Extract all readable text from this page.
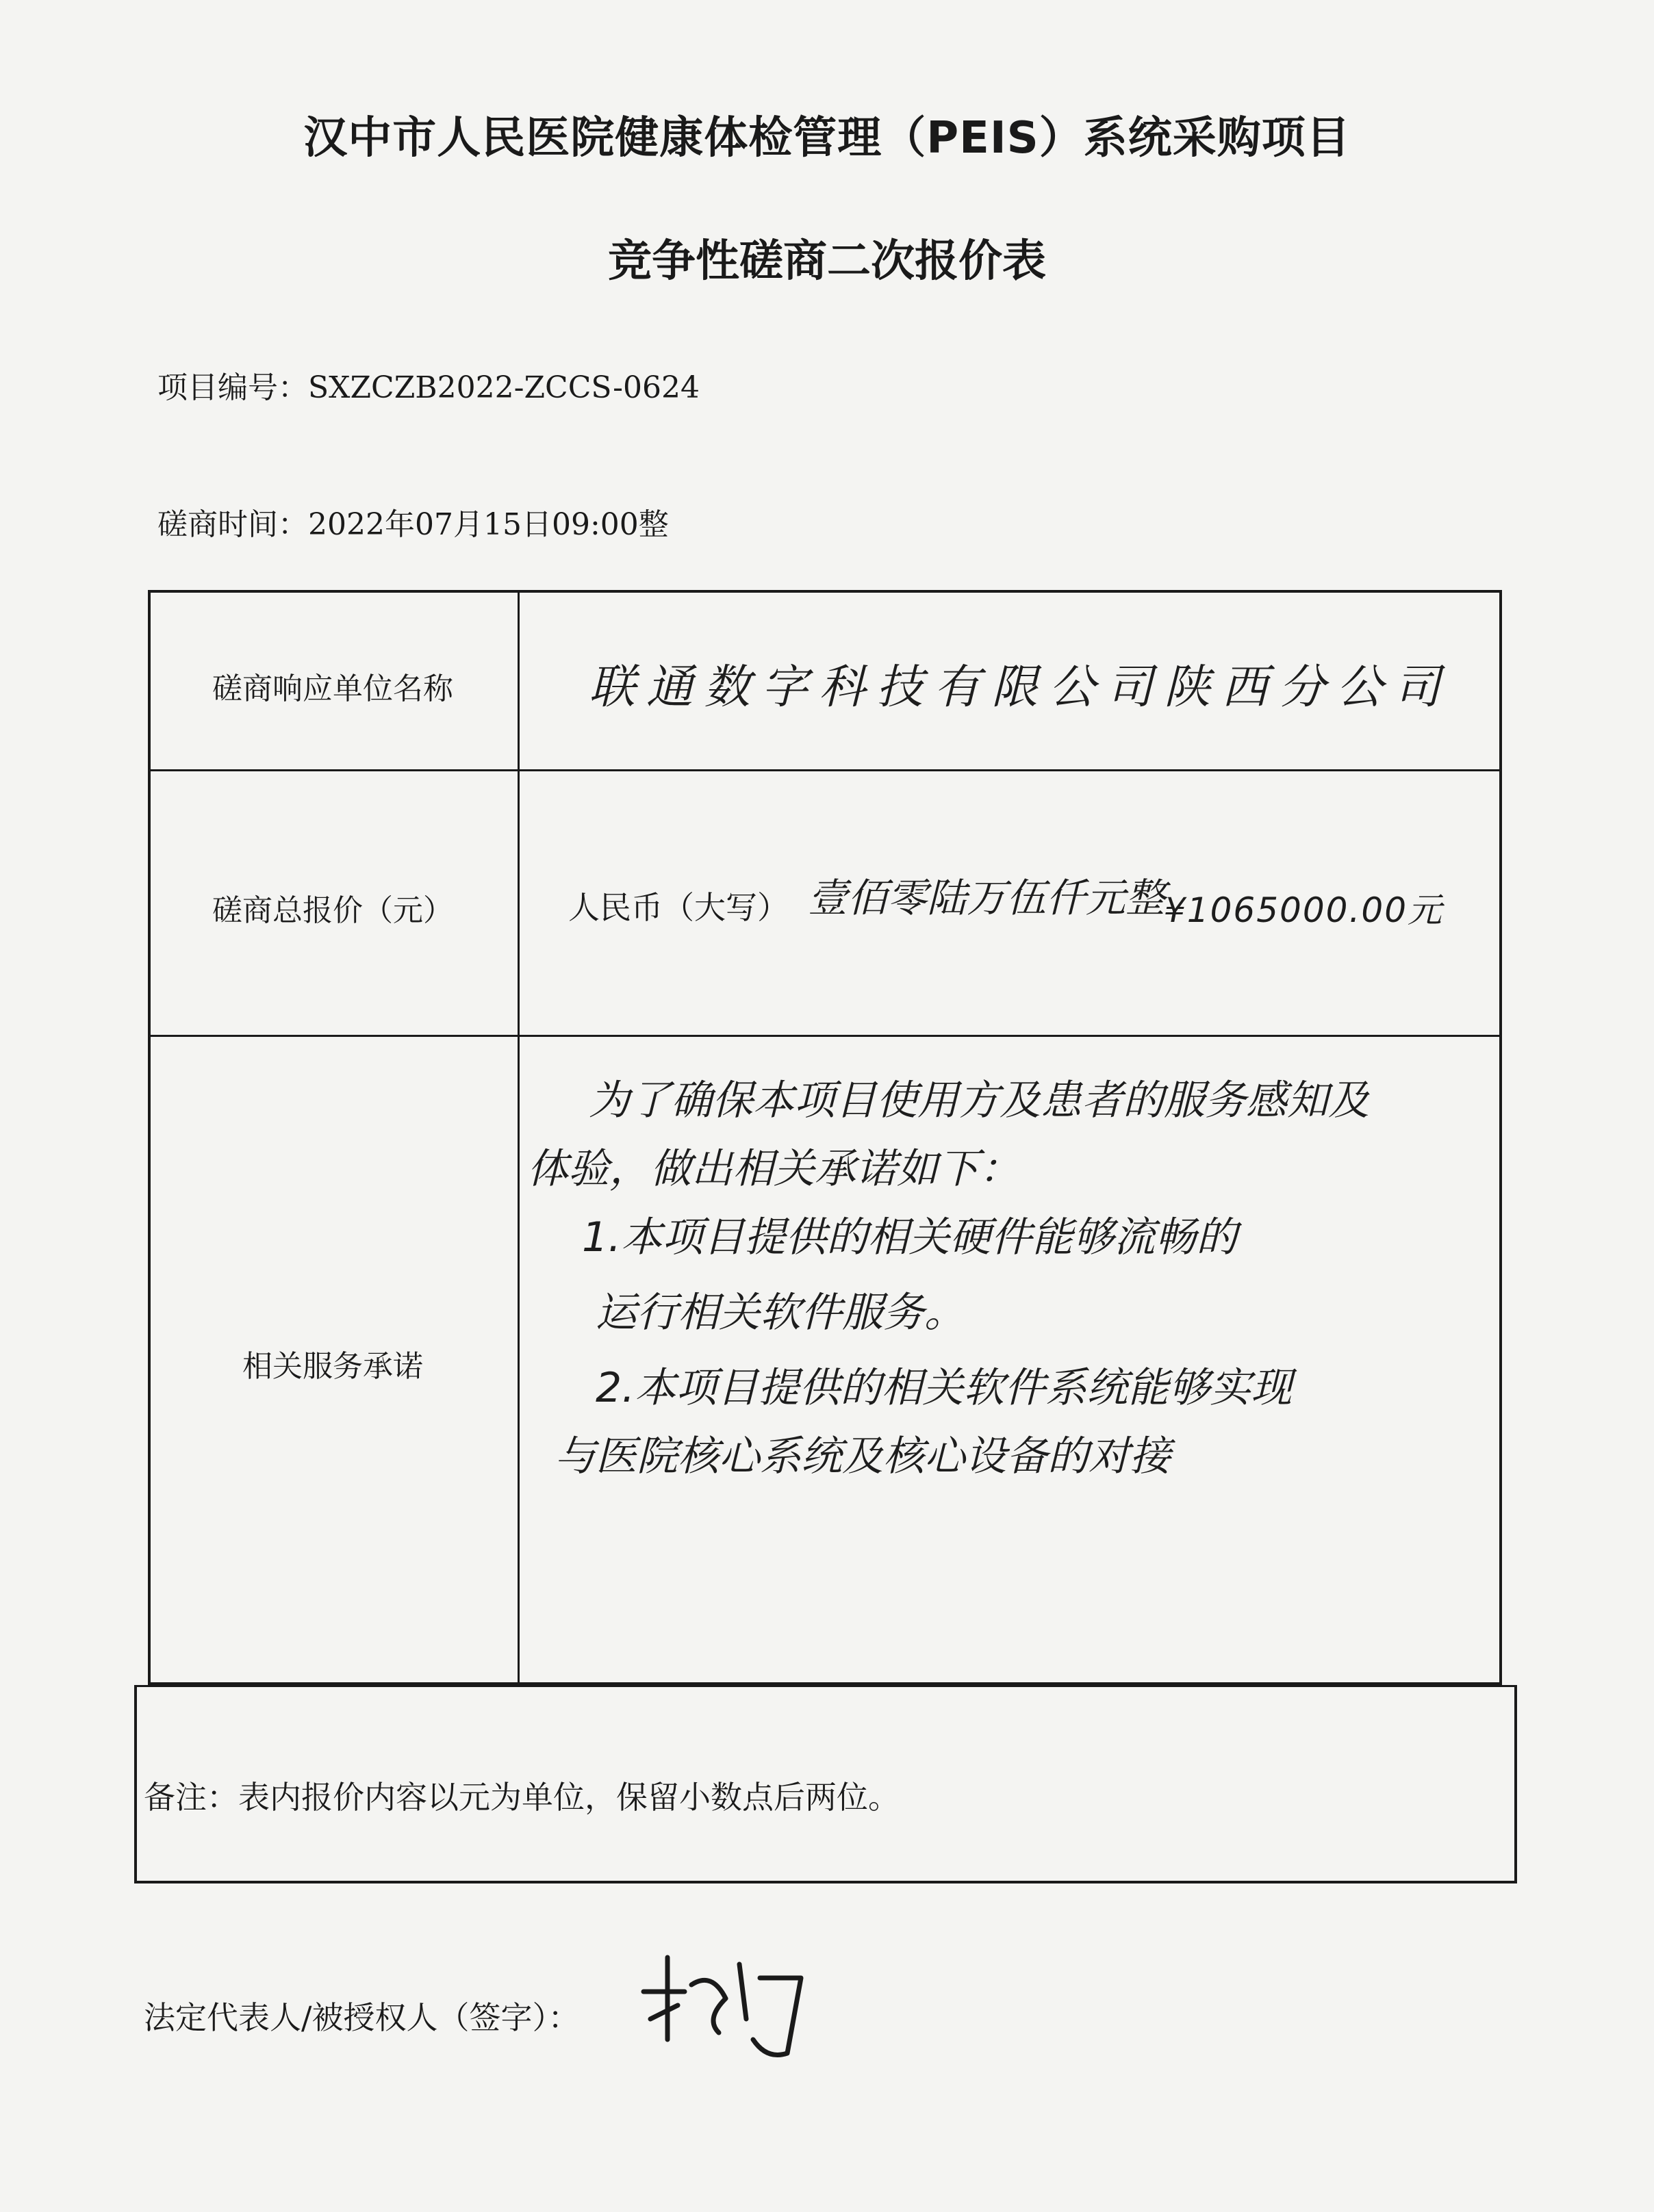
汉中市人民医院健康体检管理（PEIS）系统采购项目
竞争性磋商二次报价表
项目编号：SXZCZB2022-ZCCS-0624
磋商时间：2022年07月15日09:00整
磋商响应单位名称	联通数字科技有限公司陕西分公司
磋商总报价（元）	人民币（大写） 壹佰零陆万伍仟元整
¥1065000.00元
相关服务承诺
为了确保本项目使用方及患者的服务感知及
体验，做出相关承诺如下：
1.本项目提供的相关硬件能够流畅的
运行相关软件服务。
2.本项目提供的相关软件系统能够实现
与医院核心系统及核心设备的对接
备注：表内报价内容以元为单位，保留小数点后两位。
法定代表人/被授权人（签字）：
